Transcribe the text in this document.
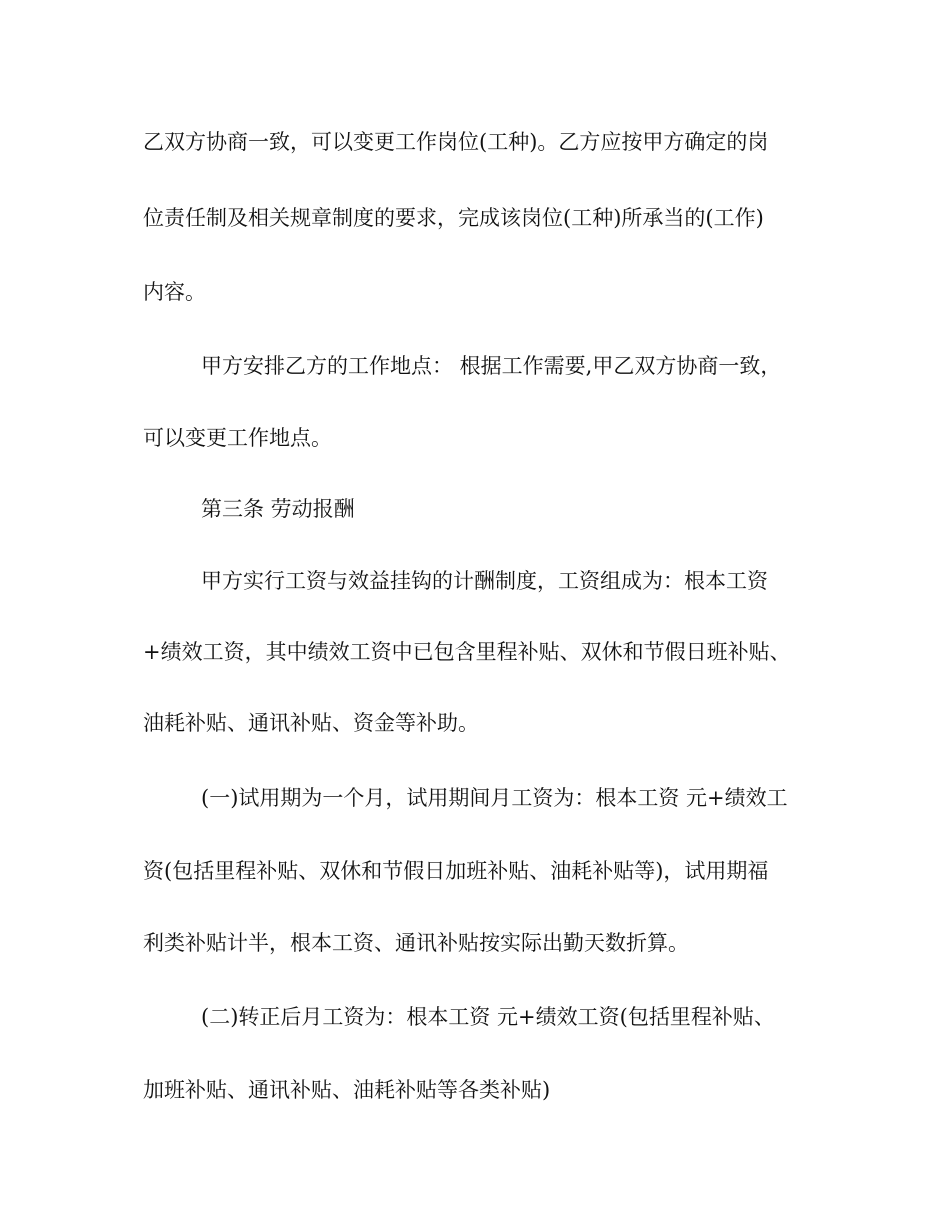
乙双方协商一致，可以变更工作岗位(工种)。乙方应按甲方确定的岗
位责任制及相关规章制度的要求，完成该岗位(工种)所承当的(工作)
内容。
甲方安排乙方的工作地点： 根据工作需要,甲乙双方协商一致，
可以变更工作地点。
第三条 劳动报酬
甲方实行工资与效益挂钩的计酬制度，工资组成为：根本工资
+绩效工资，其中绩效工资中已包含里程补贴、双休和节假日班补贴、
油耗补贴、通讯补贴、资金等补助。
(一)试用期为一个月，试用期间月工资为：根本工资 元+绩效工
资(包括里程补贴、双休和节假日加班补贴、油耗补贴等)，试用期福
利类补贴计半，根本工资、通讯补贴按实际出勤天数折算。
(二)转正后月工资为：根本工资 元+绩效工资(包括里程补贴、
加班补贴、通讯补贴、油耗补贴等各类补贴)
